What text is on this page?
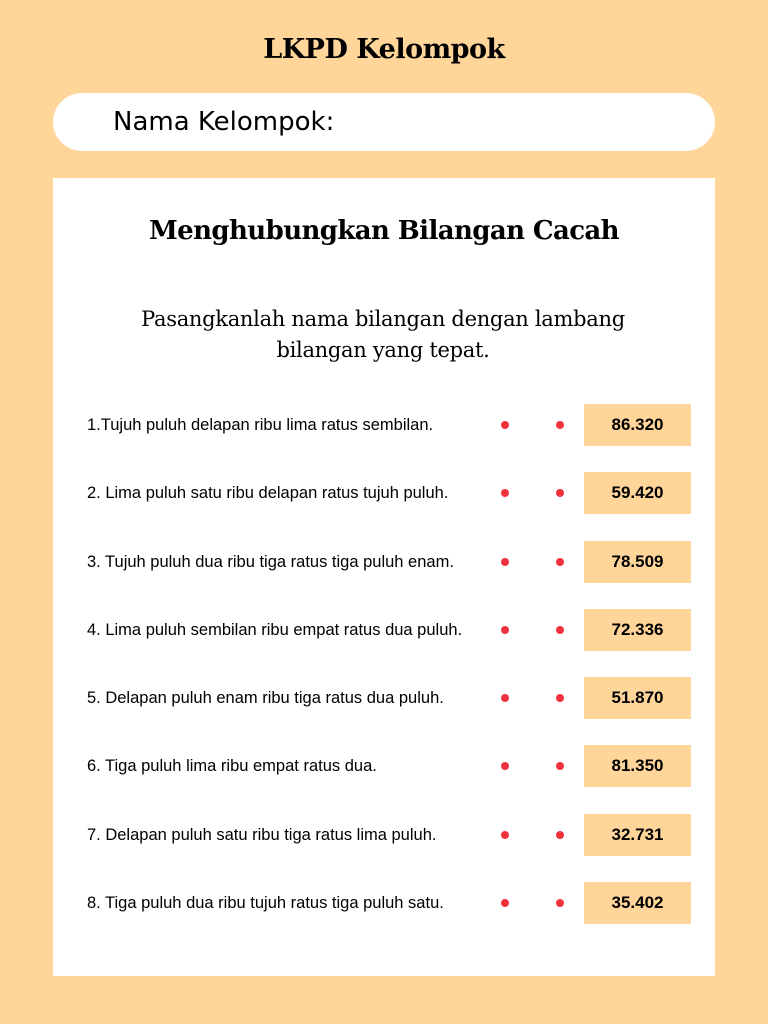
LKPD Kelompok
Nama Kelompok:
Menghubungkan Bilangan Cacah
Pasangkanlah nama bilangan dengan lambang bilangan yang tepat.
1.Tujuh puluh delapan ribu lima ratus sembilan.	86.320
2. Lima puluh satu ribu delapan ratus tujuh puluh.	59.420
3. Tujuh puluh dua ribu tiga ratus tiga puluh enam.	78.509
4. Lima puluh sembilan ribu empat ratus dua puluh.	72.336
5. Delapan puluh enam ribu tiga ratus dua puluh.	51.870
6. Tiga puluh lima ribu empat ratus dua.	81.350
7. Delapan puluh satu ribu tiga ratus lima puluh.	32.731
8. Tiga puluh dua ribu tujuh ratus tiga puluh satu.	35.402
